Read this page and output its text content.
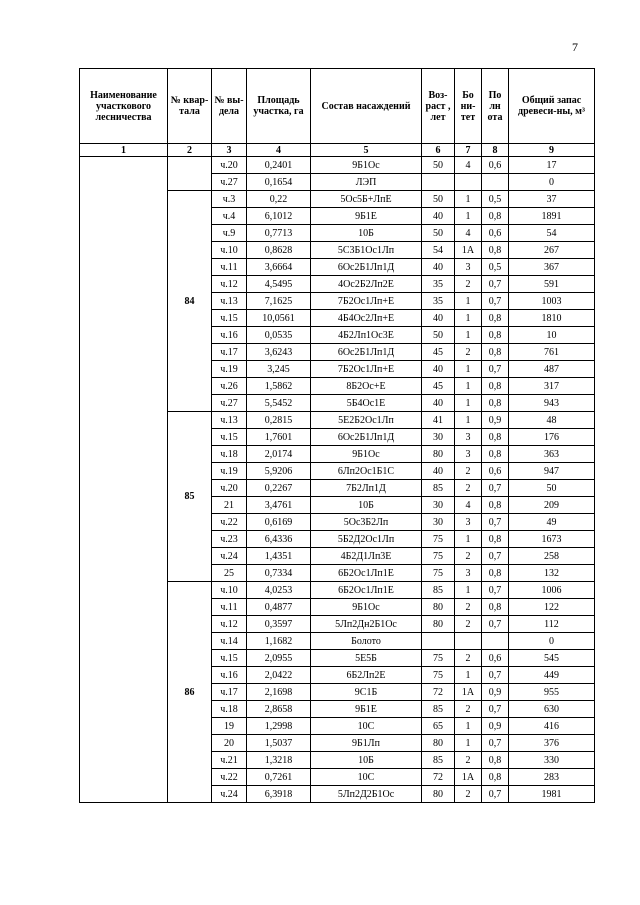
7
Наименование участкового лесничества	№ квар-тала	№ вы-дела	Площадь участка, га	Состав насаждений	Воз-раст , лет	Бо ни-тет	По лн ота	Общий запас древеси-ны, м³
1	2	3	4	5	6	7	8	9
		ч.20	0,2401	9Б1Ос	50	4	0,6	17
		ч.27	0,1654	ЛЭП				0
	84	ч.3	0,22	5Ос5Б+ЛпЕ	50	1	0,5	37
		ч.4	6,1012	9Б1Е	40	1	0,8	1891
		ч.9	0,7713	10Б	50	4	0,6	54
		ч.10	0,8628	5С3Б1Ос1Лп	54	1А	0,8	267
		ч.11	3,6664	6Ос2Б1Лп1Д	40	3	0,5	367
		ч.12	4,5495	4Ос2Б2Лп2Е	35	2	0,7	591
		ч.13	7,1625	7Б2Ос1Лп+Е	35	1	0,7	1003
		ч.15	10,0561	4Б4Ос2Лп+Е	40	1	0,8	1810
		ч.16	0,0535	4Б2Лп1Ос3Е	50	1	0,8	10
		ч.17	3,6243	6Ос2Б1Лп1Д	45	2	0,8	761
		ч.19	3,245	7Б2Ос1Лп+Е	40	1	0,7	487
		ч.26	1,5862	8Б2Ос+Е	45	1	0,8	317
		ч.27	5,5452	5Б4Ос1Е	40	1	0,8	943
	85	ч.13	0,2815	5Е2Б2Ос1Лп	41	1	0,9	48
		ч.15	1,7601	6Ос2Б1Лп1Д	30	3	0,8	176
		ч.18	2,0174	9Б1Ос	80	3	0,8	363
		ч.19	5,9206	6Лп2Ос1Б1С	40	2	0,6	947
		ч.20	0,2267	7Б2Лп1Д	85	2	0,7	50
		21	3,4761	10Б	30	4	0,8	209
		ч.22	0,6169	5Ос3Б2Лп	30	3	0,7	49
		ч.23	6,4336	5Б2Д2Ос1Лп	75	1	0,8	1673
		ч.24	1,4351	4Б2Д1Лп3Е	75	2	0,7	258
		25	0,7334	6Б2Ос1Лп1Е	75	3	0,8	132
	86	ч.10	4,0253	6Б2Ос1Лп1Е	85	1	0,7	1006
		ч.11	0,4877	9Б1Ос	80	2	0,8	122
		ч.12	0,3597	5Лп2Дн2Б1Ос	80	2	0,7	112
		ч.14	1,1682	Болото				0
		ч.15	2,0955	5Е5Б	75	2	0,6	545
		ч.16	2,0422	6Б2Лп2Е	75	1	0,7	449
		ч.17	2,1698	9С1Б	72	1А	0,9	955
		ч.18	2,8658	9Б1Е	85	2	0,7	630
		19	1,2998	10С	65	1	0,9	416
		20	1,5037	9Б1Лп	80	1	0,7	376
		ч.21	1,3218	10Б	85	2	0,8	330
		ч.22	0,7261	10С	72	1А	0,8	283
		ч.24	6,3918	5Лп2Д2Б1Ос	80	2	0,7	1981
